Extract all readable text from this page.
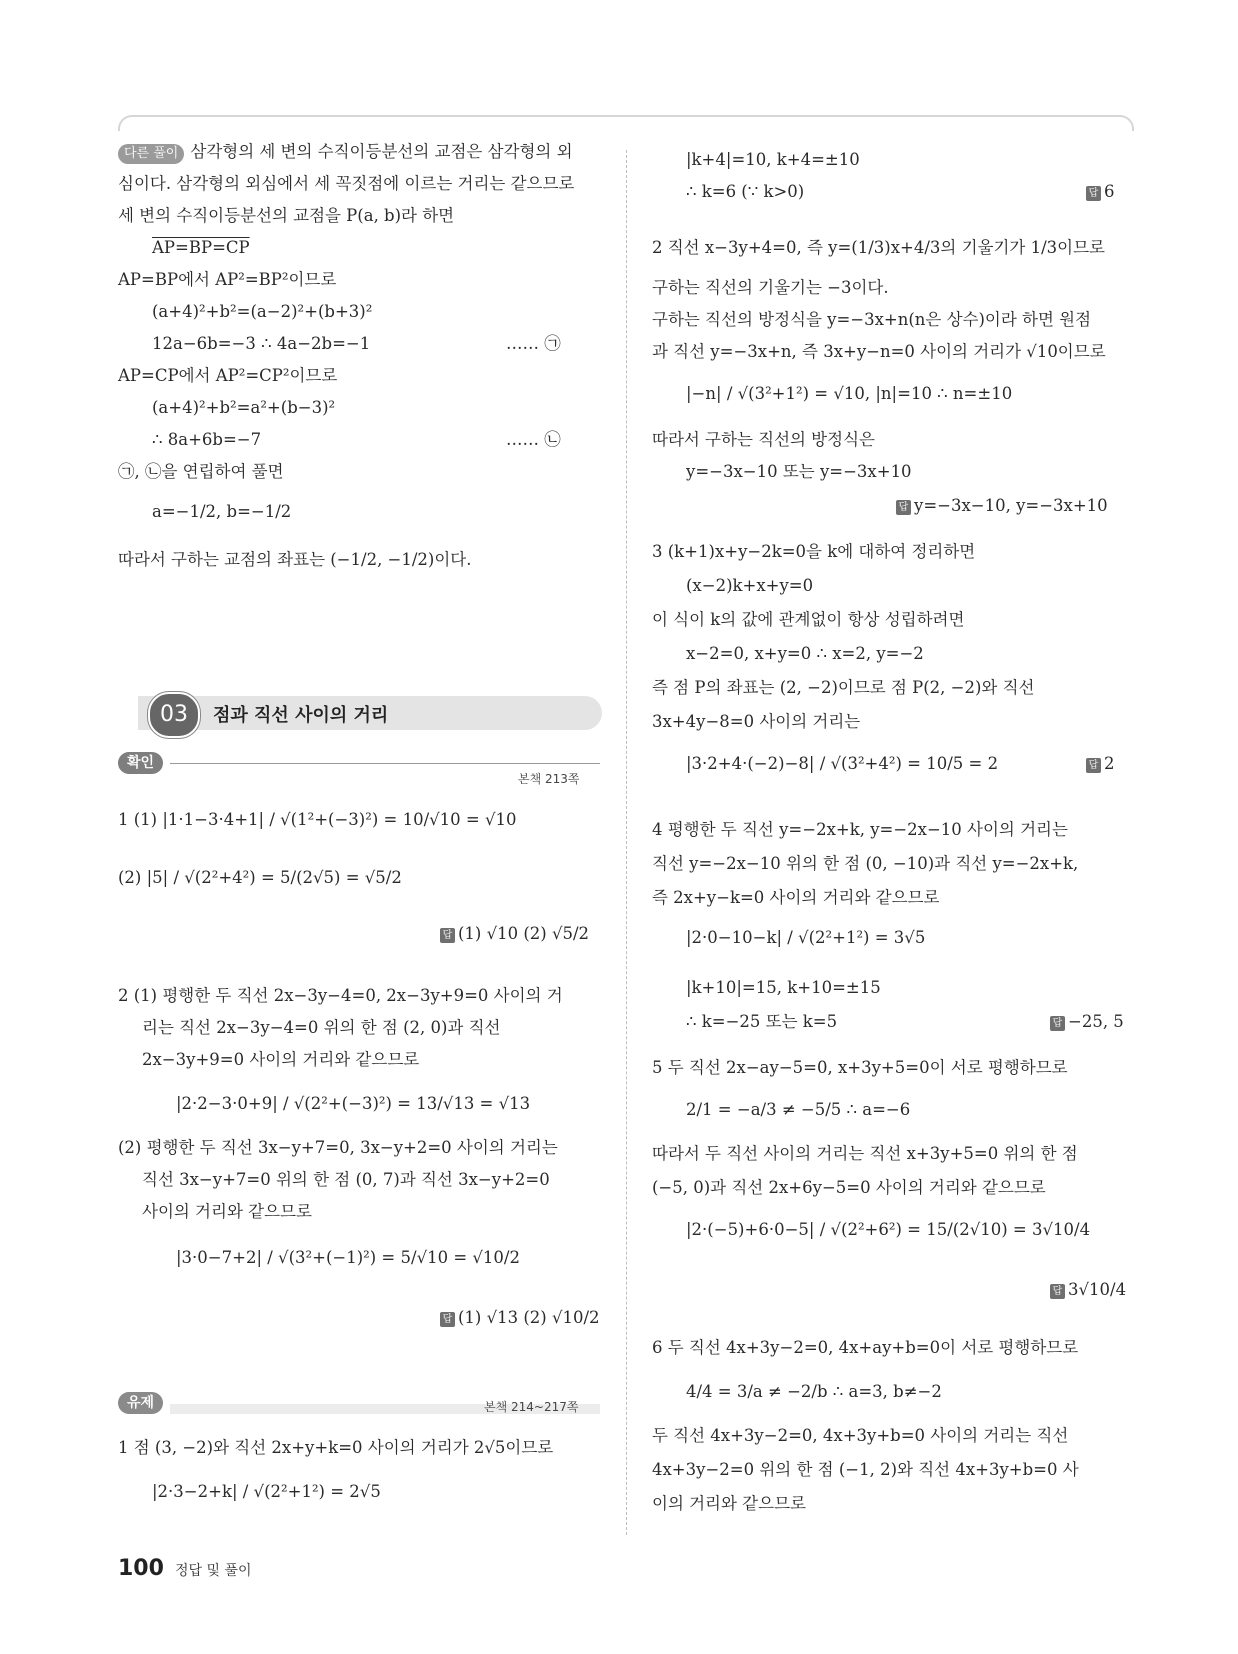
다른 풀이 삼각형의 세 변의 수직이등분선의 교점은 삼각형의 외
심이다. 삼각형의 외심에서 세 꼭짓점에 이르는 거리는 같으므로
세 변의 수직이등분선의 교점을 P(a, b)라 하면
AP=BP=CP
AP=BP에서 AP²=BP²이므로
(a+4)²+b²=(a−2)²+(b+3)²
12a−6b=−3 ∴ 4a−2b=−1	…… ㉠
AP=CP에서 AP²=CP²이므로
(a+4)²+b²=a²+(b−3)²
∴ 8a+6b=−7	…… ㉡
㉠, ㉡을 연립하여 풀면
a=−1/2, b=−1/2
따라서 구하는 교점의 좌표는 (−1/2, −1/2)이다.
03	점과 직선 사이의 거리
확인
본책 213쪽
1 (1) |1·1−3·4+1| / √(1²+(−3)²) = 10/√10 = √10
(2) |5| / √(2²+4²) = 5/(2√5) = √5/2
답 (1) √10 (2) √5/2
2 (1) 평행한 두 직선 2x−3y−4=0, 2x−3y+9=0 사이의 거
리는 직선 2x−3y−4=0 위의 한 점 (2, 0)과 직선
2x−3y+9=0 사이의 거리와 같으므로
|2·2−3·0+9| / √(2²+(−3)²) = 13/√13 = √13
(2) 평행한 두 직선 3x−y+7=0, 3x−y+2=0 사이의 거리는
직선 3x−y+7=0 위의 한 점 (0, 7)과 직선 3x−y+2=0
사이의 거리와 같으므로
|3·0−7+2| / √(3²+(−1)²) = 5/√10 = √10/2
답 (1) √13 (2) √10/2
유제	본책 214~217쪽
1 점 (3, −2)와 직선 2x+y+k=0 사이의 거리가 2√5이므로
|2·3−2+k| / √(2²+1²) = 2√5
|k+4|=10, k+4=±10
∴ k=6 (∵ k>0)	답 6
2 직선 x−3y+4=0, 즉 y=(1/3)x+4/3의 기울기가 1/3이므로
구하는 직선의 기울기는 −3이다.
구하는 직선의 방정식을 y=−3x+n(n은 상수)이라 하면 원점
과 직선 y=−3x+n, 즉 3x+y−n=0 사이의 거리가 √10이므로
|−n| / √(3²+1²) = √10, |n|=10 ∴ n=±10
따라서 구하는 직선의 방정식은
y=−3x−10 또는 y=−3x+10
답 y=−3x−10, y=−3x+10
3 (k+1)x+y−2k=0을 k에 대하여 정리하면
(x−2)k+x+y=0
이 식이 k의 값에 관계없이 항상 성립하려면
x−2=0, x+y=0 ∴ x=2, y=−2
즉 점 P의 좌표는 (2, −2)이므로 점 P(2, −2)와 직선
3x+4y−8=0 사이의 거리는
|3·2+4·(−2)−8| / √(3²+4²) = 10/5 = 2	답 2
4 평행한 두 직선 y=−2x+k, y=−2x−10 사이의 거리는
직선 y=−2x−10 위의 한 점 (0, −10)과 직선 y=−2x+k,
즉 2x+y−k=0 사이의 거리와 같으므로
|2·0−10−k| / √(2²+1²) = 3√5
|k+10|=15, k+10=±15
∴ k=−25 또는 k=5	답 −25, 5
5 두 직선 2x−ay−5=0, x+3y+5=0이 서로 평행하므로
2/1 = −a/3 ≠ −5/5 ∴ a=−6
따라서 두 직선 사이의 거리는 직선 x+3y+5=0 위의 한 점
(−5, 0)과 직선 2x+6y−5=0 사이의 거리와 같으므로
|2·(−5)+6·0−5| / √(2²+6²) = 15/(2√10) = 3√10/4
답 3√10/4
6 두 직선 4x+3y−2=0, 4x+ay+b=0이 서로 평행하므로
4/4 = 3/a ≠ −2/b ∴ a=3, b≠−2
두 직선 4x+3y−2=0, 4x+3y+b=0 사이의 거리는 직선
4x+3y−2=0 위의 한 점 (−1, 2)와 직선 4x+3y+b=0 사
이의 거리와 같으므로
100 정답 및 풀이
